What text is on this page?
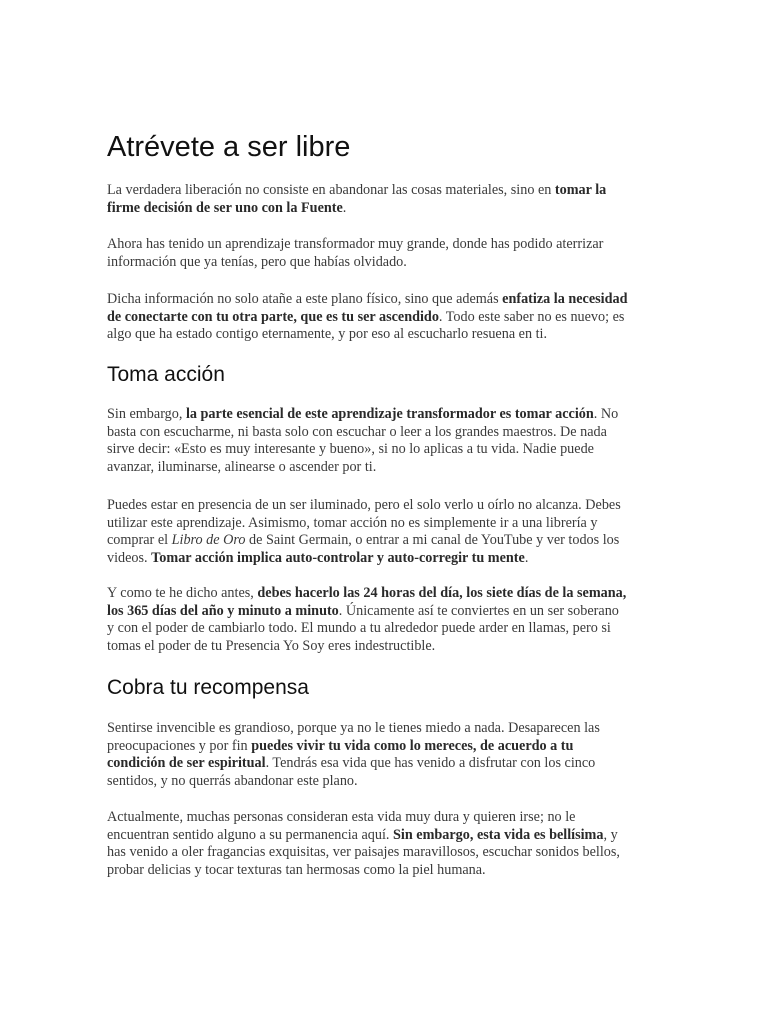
Atrévete a ser libre

La verdadera liberación no consiste en abandonar las cosas materiales, sino en tomar la
firme decisión de ser uno con la Fuente.

Ahora has tenido un aprendizaje transformador muy grande, donde has podido aterrizar
información que ya tenías, pero que habías olvidado.

Dicha información no solo atañe a este plano físico, sino que además enfatiza la necesidad
de conectarte con tu otra parte, que es tu ser ascendido. Todo este saber no es nuevo; es
algo que ha estado contigo eternamente, y por eso al escucharlo resuena en ti.

Toma acción

Sin embargo, la parte esencial de este aprendizaje transformador es tomar acción. No
basta con escucharme, ni basta solo con escuchar o leer a los grandes maestros. De nada
sirve decir: «Esto es muy interesante y bueno», si no lo aplicas a tu vida. Nadie puede
avanzar, iluminarse, alinearse o ascender por ti.

Puedes estar en presencia de un ser iluminado, pero el solo verlo u oírlo no alcanza. Debes
utilizar este aprendizaje. Asimismo, tomar acción no es simplemente ir a una librería y
comprar el Libro de Oro de Saint Germain, o entrar a mi canal de YouTube y ver todos los
videos. Tomar acción implica auto-controlar y auto-corregir tu mente.

Y como te he dicho antes, debes hacerlo las 24 horas del día, los siete días de la semana,
los 365 días del año y minuto a minuto. Únicamente así te conviertes en un ser soberano
y con el poder de cambiarlo todo. El mundo a tu alrededor puede arder en llamas, pero si
tomas el poder de tu Presencia Yo Soy eres indestructible.

Cobra tu recompensa

Sentirse invencible es grandioso, porque ya no le tienes miedo a nada. Desaparecen las
preocupaciones y por fin puedes vivir tu vida como lo mereces, de acuerdo a tu
condición de ser espiritual. Tendrás esa vida que has venido a disfrutar con los cinco
sentidos, y no querrás abandonar este plano.

Actualmente, muchas personas consideran esta vida muy dura y quieren irse; no le
encuentran sentido alguno a su permanencia aquí. Sin embargo, esta vida es bellísima, y
has venido a oler fragancias exquisitas, ver paisajes maravillosos, escuchar sonidos bellos,
probar delicias y tocar texturas tan hermosas como la piel humana.
